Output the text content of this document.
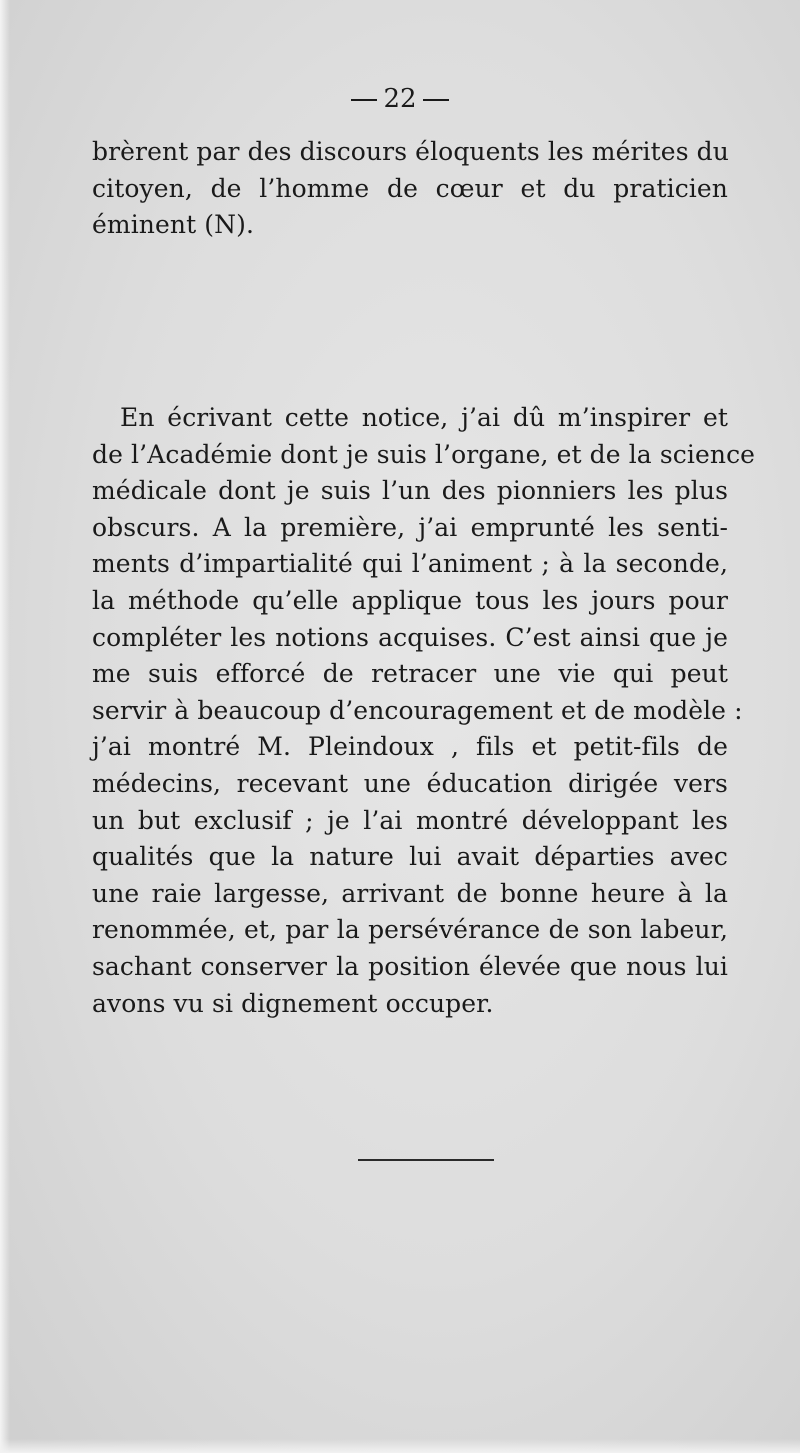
22
brèrent par des discours éloquents les mérites du
citoyen, de l’homme de cœur et du praticien
éminent (N).
En écrivant cette notice, j’ai dû m’inspirer et
de l’Académie dont je suis l’organe, et de la science
médicale dont je suis l’un des pionniers les plus
obscurs. A la première, j’ai emprunté les senti-
ments d’impartialité qui l’animent ; à la seconde,
la méthode qu’elle applique tous les jours pour
compléter les notions acquises. C’est ainsi que je
me suis efforcé de retracer une vie qui peut
servir à beaucoup d’encouragement et de modèle :
j’ai montré M. Pleindoux , fils et petit-fils de
médecins, recevant une éducation dirigée vers
un but exclusif ; je l’ai montré développant les
qualités que la nature lui avait départies avec
une raie largesse, arrivant de bonne heure à la
renommée, et, par la persévérance de son labeur,
sachant conserver la position élevée que nous lui
avons vu si dignement occuper.
